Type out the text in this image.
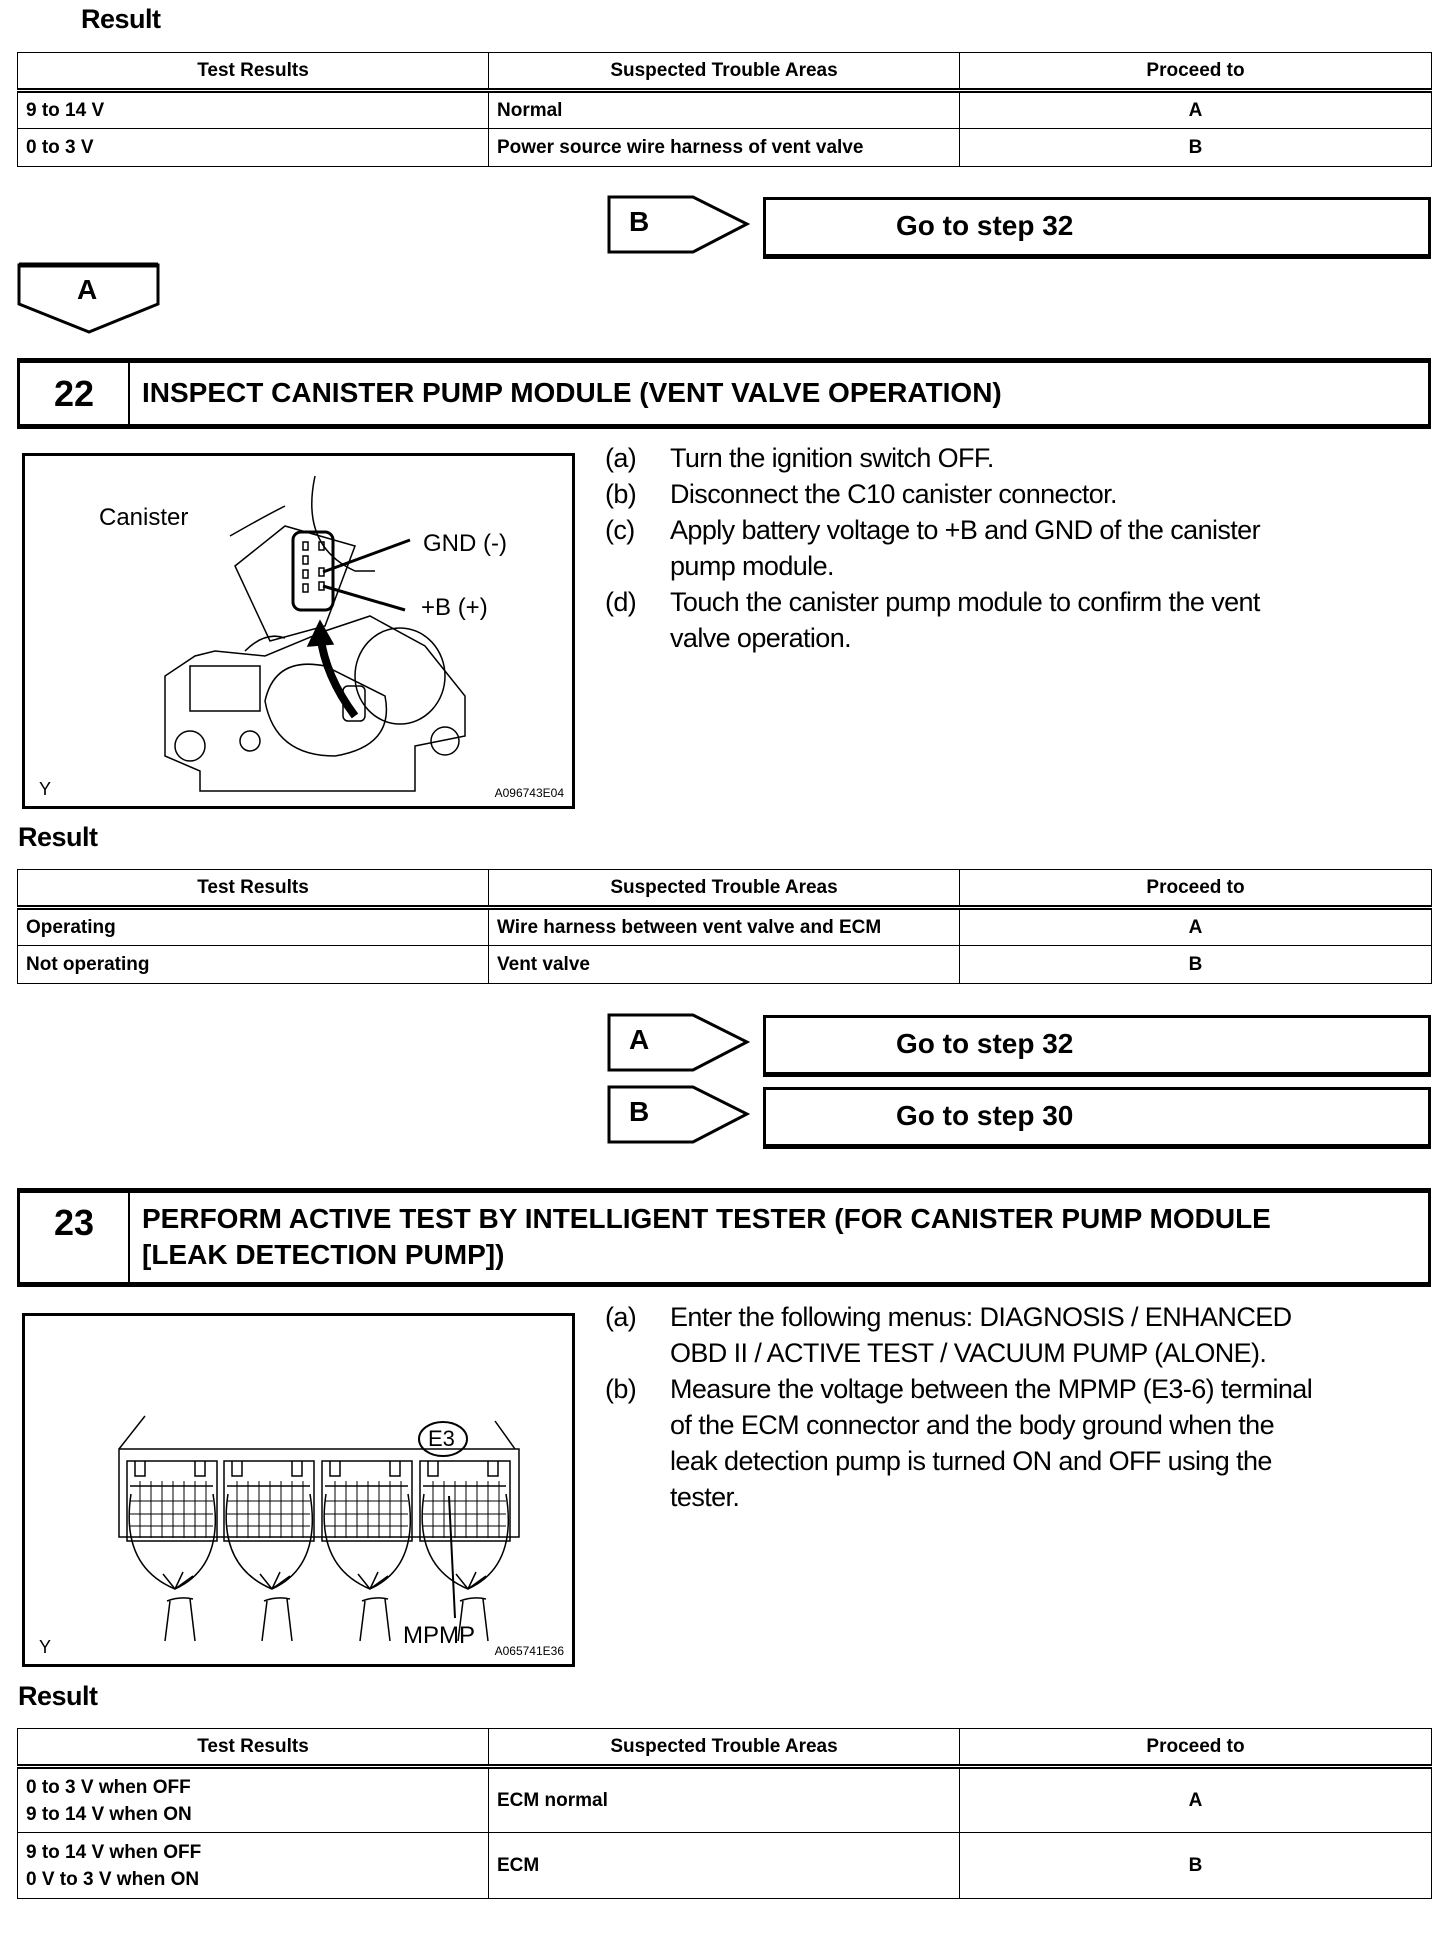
Result
Test Results	Suspected Trouble Areas	Proceed to
9 to 14 V	Normal	A
0 to 3 V	Power source wire harness of vent valve	B
B	Go to step 32
A
22	INSPECT CANISTER PUMP MODULE (VENT VALVE OPERATION)
Canister
GND (-)
+B (+)
Y	A096743E04
(a) Turn the ignition switch OFF.
(b) Disconnect the C10 canister connector.
(c) Apply battery voltage to +B and GND of the canister
pump module.
(d) Touch the canister pump module to confirm the vent
valve operation.
Result
Test Results	Suspected Trouble Areas	Proceed to
Operating	Wire harness between vent valve and ECM	A
Not operating	Vent valve	B
A	Go to step 32
B	Go to step 30
23	PERFORM ACTIVE TEST BY INTELLIGENT TESTER (FOR CANISTER PUMP MODULE
[LEAK DETECTION PUMP])
E3
MPMP
Y	A065741E36
(a) Enter the following menus: DIAGNOSIS / ENHANCED
OBD II / ACTIVE TEST / VACUUM PUMP (ALONE).
(b) Measure the voltage between the MPMP (E3-6) terminal
of the ECM connector and the body ground when the
leak detection pump is turned ON and OFF using the
tester.
Result
Test Results	Suspected Trouble Areas	Proceed to

0 to 3 V when OFF
9 to 14 V when ON	ECM normal	A

9 to 14 V when OFF
0 V to 3 V when ON	ECM	B
